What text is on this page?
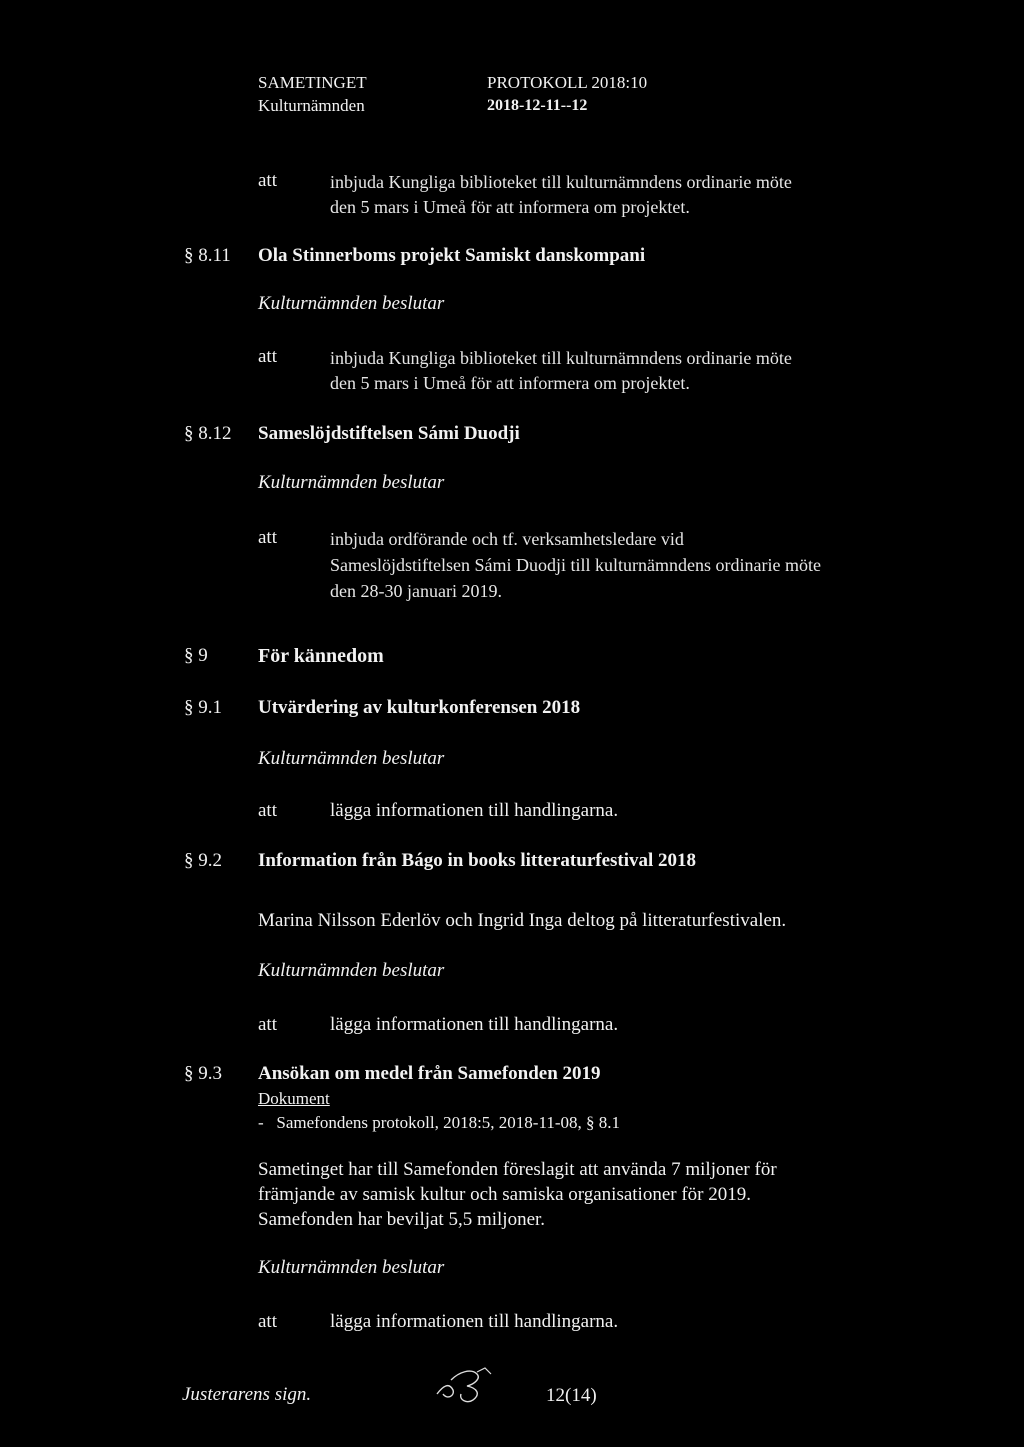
SAMETINGET
Kulturnämnden
PROTOKOLL 2018:10
2018-12-11--12
att	inbjuda Kungliga biblioteket till kulturnämndens ordinarie möte
den 5 mars i Umeå för att informera om projektet.
§ 8.11 Ola Stinnerboms projekt Samiskt danskompani
Kulturnämnden beslutar
att	inbjuda Kungliga biblioteket till kulturnämndens ordinarie möte
den 5 mars i Umeå för att informera om projektet.
§ 8.12 Sameslöjdstiftelsen Sámi Duodji
Kulturnämnden beslutar
att	inbjuda ordförande och tf. verksamhetsledare vid
Sameslöjdstiftelsen Sámi Duodji till kulturnämndens ordinarie möte
den 28-30 januari 2019.
§ 9	För kännedom
§ 9.1 Utvärdering av kulturkonferensen 2018
Kulturnämnden beslutar
att	lägga informationen till handlingarna.
§ 9.2 Information från Bágo in books litteraturfestival 2018
Marina Nilsson Ederlöv och Ingrid Inga deltog på litteraturfestivalen.
Kulturnämnden beslutar
att	lägga informationen till handlingarna.
§ 9.3 Ansökan om medel från Samefonden 2019
Dokument
-   Samefondens protokoll, 2018:5, 2018-11-08, § 8.1
Sametinget har till Samefonden föreslagit att använda 7 miljoner för
främjande av samisk kultur och samiska organisationer för 2019.
Samefonden har beviljat 5,5 miljoner.
Kulturnämnden beslutar
att	lägga informationen till handlingarna.
Justerarens sign.	12(14)
